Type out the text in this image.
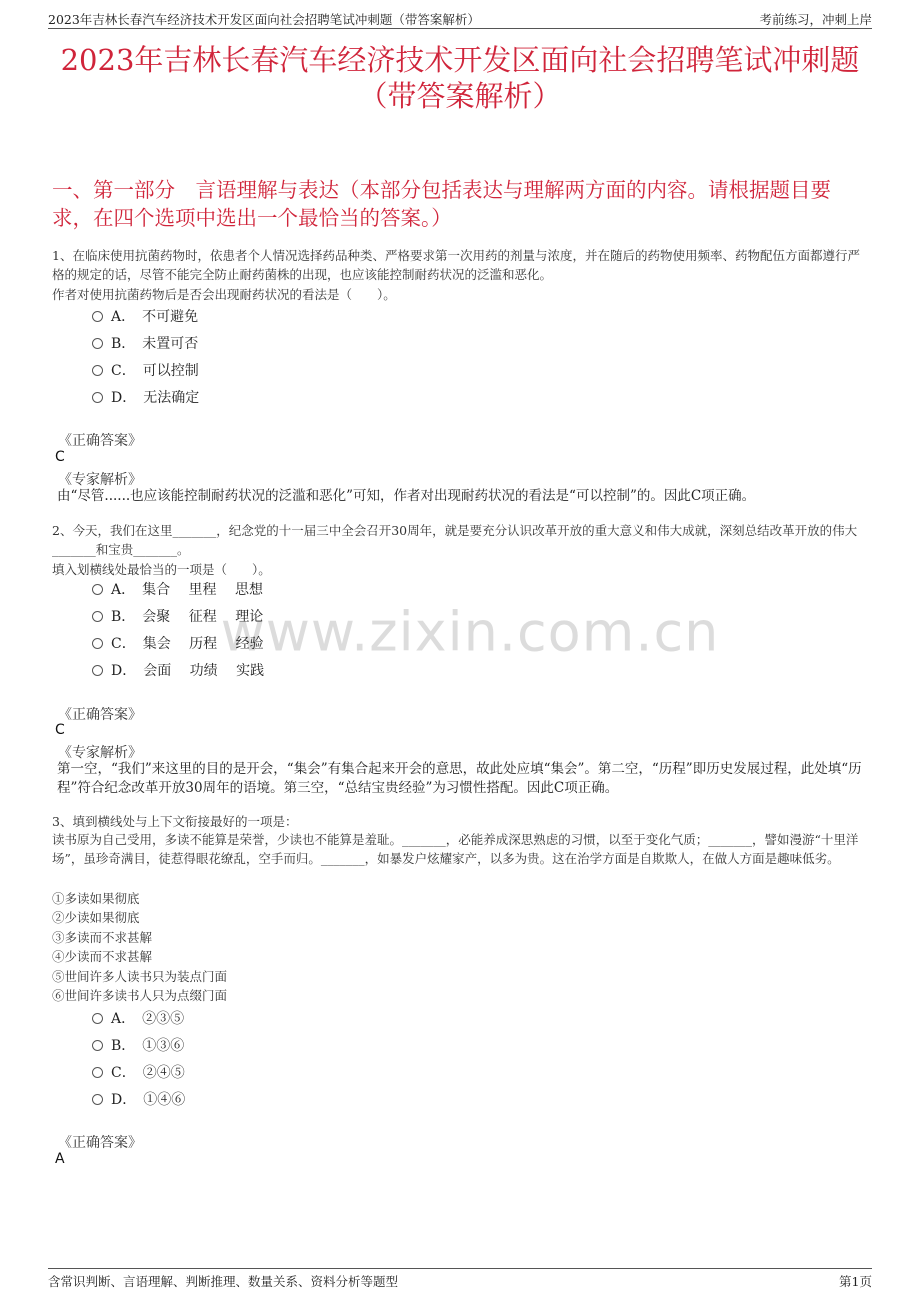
2023年吉林长春汽车经济技术开发区面向社会招聘笔试冲刺题（带答案解析）	考前练习，冲刺上岸
2023年吉林长春汽车经济技术开发区面向社会招聘笔试冲刺题
（带答案解析）
一、第一部分　言语理解与表达（本部分包括表达与理解两方面的内容。请根据题目要求，在四个选项中选出一个最恰当的答案。）
www.zixin.com.cn
1、在临床使用抗菌药物时，依患者个人情况选择药品种类、严格要求第一次用药的剂量与浓度，并在随后的药物使用频率、药物配伍方面都遵行严格的规定的话，尽管不能完全防止耐药菌株的出现，也应该能控制耐药状况的泛滥和恶化。
作者对使用抗菌药物后是否会出现耐药状况的看法是（　　）。
A．　不可避免
B．　未置可否
C．　可以控制
D．　无法确定
《正确答案》
C
《专家解析》
由“尽管......也应该能控制耐药状况的泛滥和恶化”可知，作者对出现耐药状况的看法是“可以控制”的。因此C项正确。
2、今天，我们在这里_______，纪念党的十一届三中全会召开30周年，就是要充分认识改革开放的重大意义和伟大成就，深刻总结改革开放的伟大_______和宝贵_______。
填入划横线处最恰当的一项是（　　）。
A．　集合　 里程　 思想
B．　会聚　 征程　 理论
C．　集会　 历程　 经验
D．　会面　 功绩　 实践
《正确答案》
C
《专家解析》
第一空，“我们”来这里的目的是开会，“集会”有集合起来开会的意思，故此处应填“集会”。第二空，“历程”即历史发展过程，此处填“历程”符合纪念改革开放30周年的语境。第三空，“总结宝贵经验”为习惯性搭配。因此C项正确。
3、填到横线处与上下文衔接最好的一项是：
读书原为自己受用，多读不能算是荣誉，少读也不能算是羞耻。_______，必能养成深思熟虑的习惯，以至于变化气质；_______，譬如漫游“十里洋场”，虽珍奇满目，徒惹得眼花缭乱，空手而归。_______，如暴发户炫耀家产，以多为贵。这在治学方面是自欺欺人，在做人方面是趣味低劣。
①多读如果彻底
②少读如果彻底
③多读而不求甚解
④少读而不求甚解
⑤世间许多人读书只为装点门面
⑥世间许多读书人只为点缀门面
A．　②③⑤
B．　①③⑥
C．　②④⑤
D．　①④⑥
《正确答案》
A
含常识判断、言语理解、判断推理、数量关系、资料分析等题型	第1页
